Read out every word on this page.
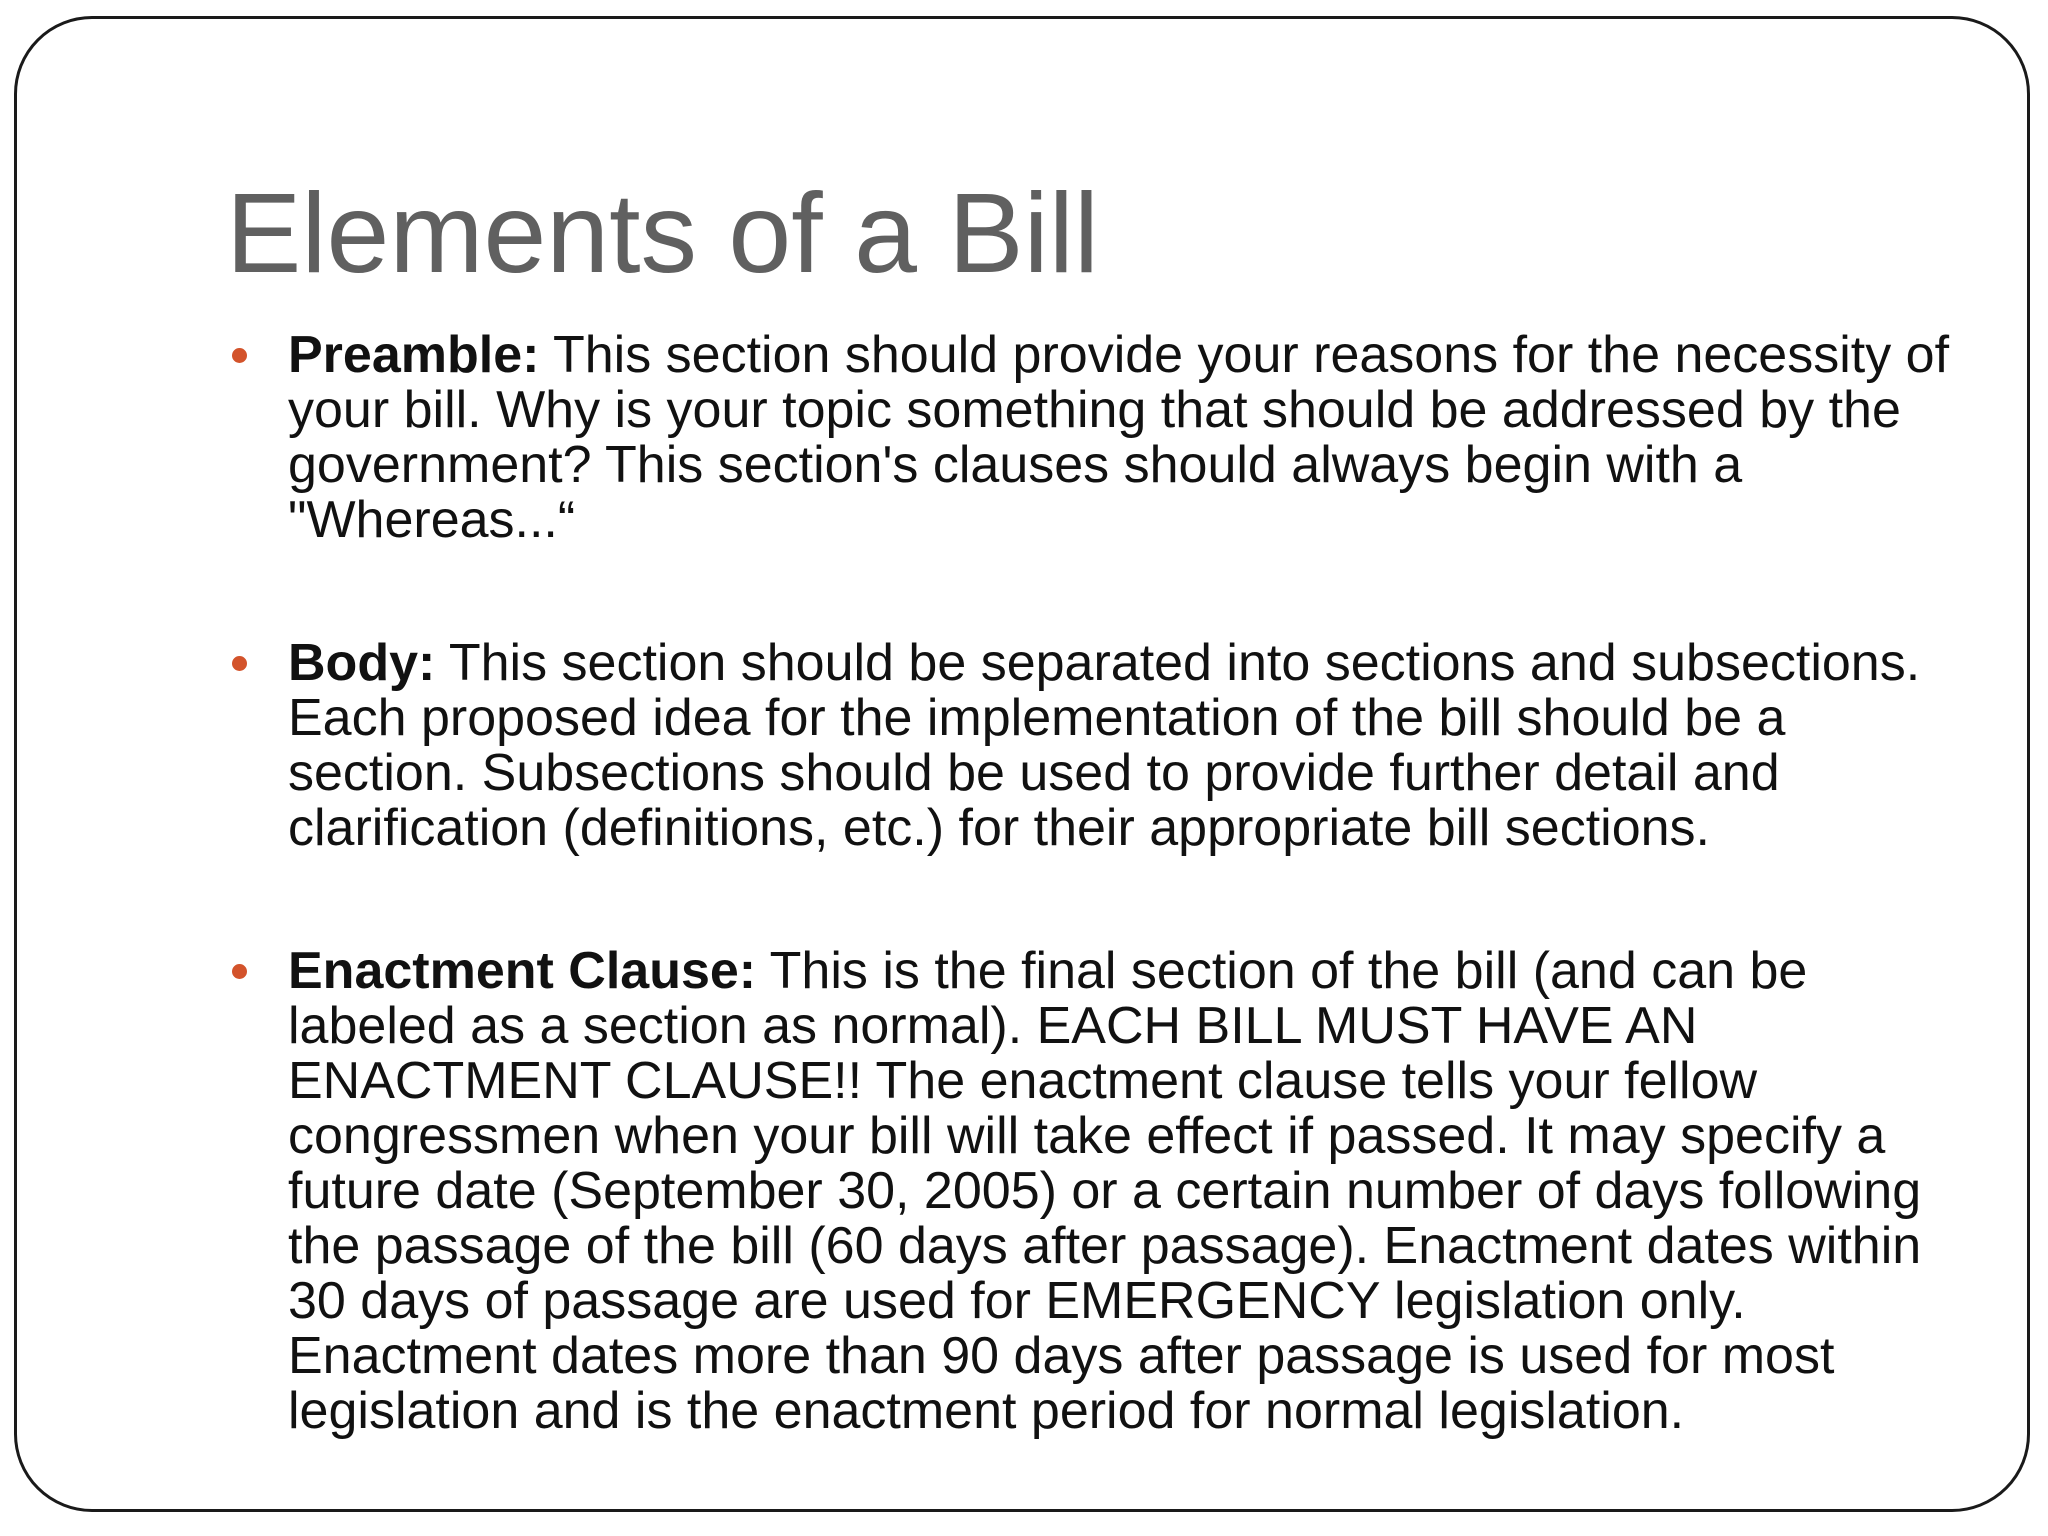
Elements of a Bill
Preamble: This section should provide your reasons for the necessity of your bill. Why is your topic something that should be addressed by the government? This section's clauses should always begin with a "Whereas...“
Body: This section should be separated into sections and subsections. Each proposed idea for the implementation of the bill should be a section. Subsections should be used to provide further detail and clarification (definitions, etc.) for their appropriate bill sections.
Enactment Clause: This is the final section of the bill (and can be labeled as a section as normal). EACH BILL MUST HAVE AN ENACTMENT CLAUSE!! The enactment clause tells your fellow congressmen when your bill will take effect if passed. It may specify a future date (September 30, 2005) or a certain number of days following the passage of the bill (60 days after passage). Enactment dates within 30 days of passage are used for EMERGENCY legislation only. Enactment dates more than 90 days after passage is used for most legislation and is the enactment period for normal legislation.
